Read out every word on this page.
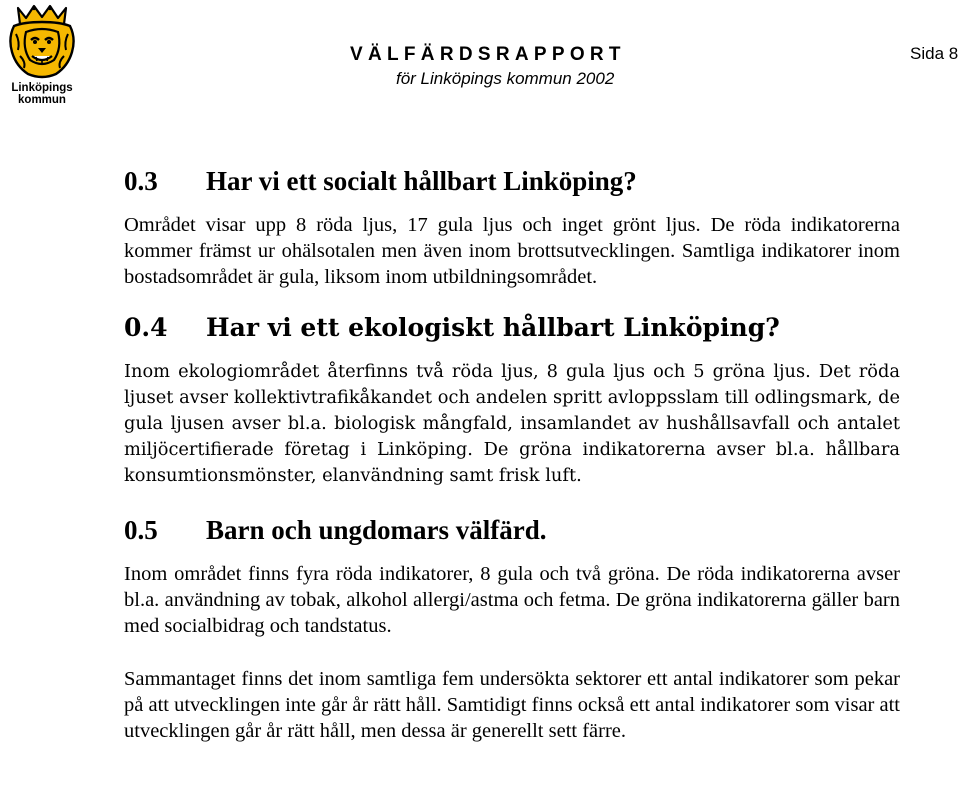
Linköpings
kommun
VÄLFÄRDSRAPPORT
för Linköpings kommun 2002
Sida 8
0.3	Har vi ett socialt hållbart Linköping?

Området visar upp 8 röda ljus, 17 gula ljus och inget grönt ljus. De röda indikatorerna kommer främst ur ohälsotalen men även inom brottsutvecklingen. Samtliga indikatorer inom bostadsområdet är gula, liksom inom utbildningsområdet.

0.4	Har vi ett ekologiskt hållbart Linköping?

Inom ekologiområdet återfinns två röda ljus, 8 gula ljus och 5 gröna ljus. Det röda ljuset avser kollektivtrafikåkandet och andelen spritt avloppsslam till odlingsmark, de gula ljusen avser bl.a. biologisk mångfald, insamlandet av hushållsavfall och antalet miljöcertifierade företag i Linköping. De gröna indikatorerna avser bl.a. hållbara konsumtionsmönster, elanvändning samt frisk luft.

0.5	Barn och ungdomars välfärd.

Inom området finns fyra röda indikatorer, 8 gula och två gröna. De röda indikatorerna avser bl.a. användning av tobak, alkohol allergi/astma och fetma. De gröna indikatorerna gäller barn med socialbidrag och tandstatus.

Sammantaget finns det inom samtliga fem undersökta sektorer ett antal indikatorer som pekar på att utvecklingen inte går år rätt håll. Samtidigt finns också ett antal indikatorer som visar att utvecklingen går år rätt håll, men dessa är generellt sett färre.
